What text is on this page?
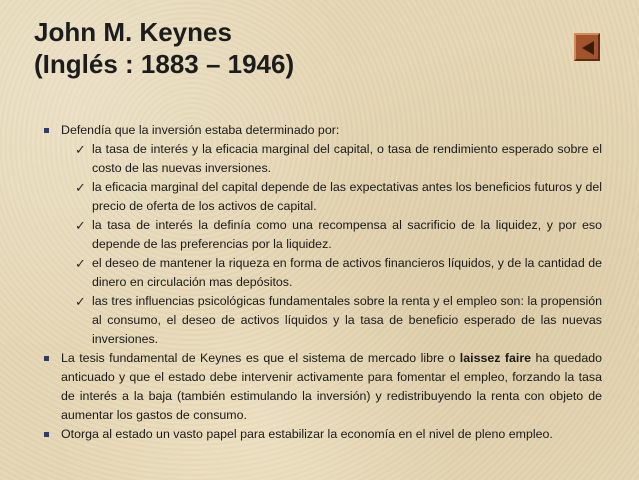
John M. Keynes
(Inglés : 1883 – 1946)
Defendía que la inversión estaba determinado por:
✓ la tasa de interés y la eficacia marginal del capital, o tasa de rendimiento esperado sobre el costo de las nuevas inversiones.
✓ la eficacia marginal del capital depende de las expectativas antes los beneficios futuros y del precio de oferta de los activos de capital.
✓ la tasa de interés la definía como una recompensa al sacrificio de la liquidez, y por eso depende de las preferencias por la liquidez.
✓ el deseo de mantener la riqueza en forma de activos financieros líquidos, y de la cantidad de dinero en circulación mas depósitos.
✓ las tres influencias psicológicas fundamentales sobre la renta y el empleo son: la propensión al consumo, el deseo de activos líquidos y la tasa de beneficio esperado de las nuevas inversiones.
La tesis fundamental de Keynes es que el sistema de mercado libre o laissez faire ha quedado anticuado y que el estado debe intervenir activamente para fomentar el empleo, forzando la tasa de interés a la baja (también estimulando la inversión) y redistribuyendo la renta con objeto de aumentar los gastos de consumo.
Otorga al estado un vasto papel para estabilizar la economía en el nivel de pleno empleo.
